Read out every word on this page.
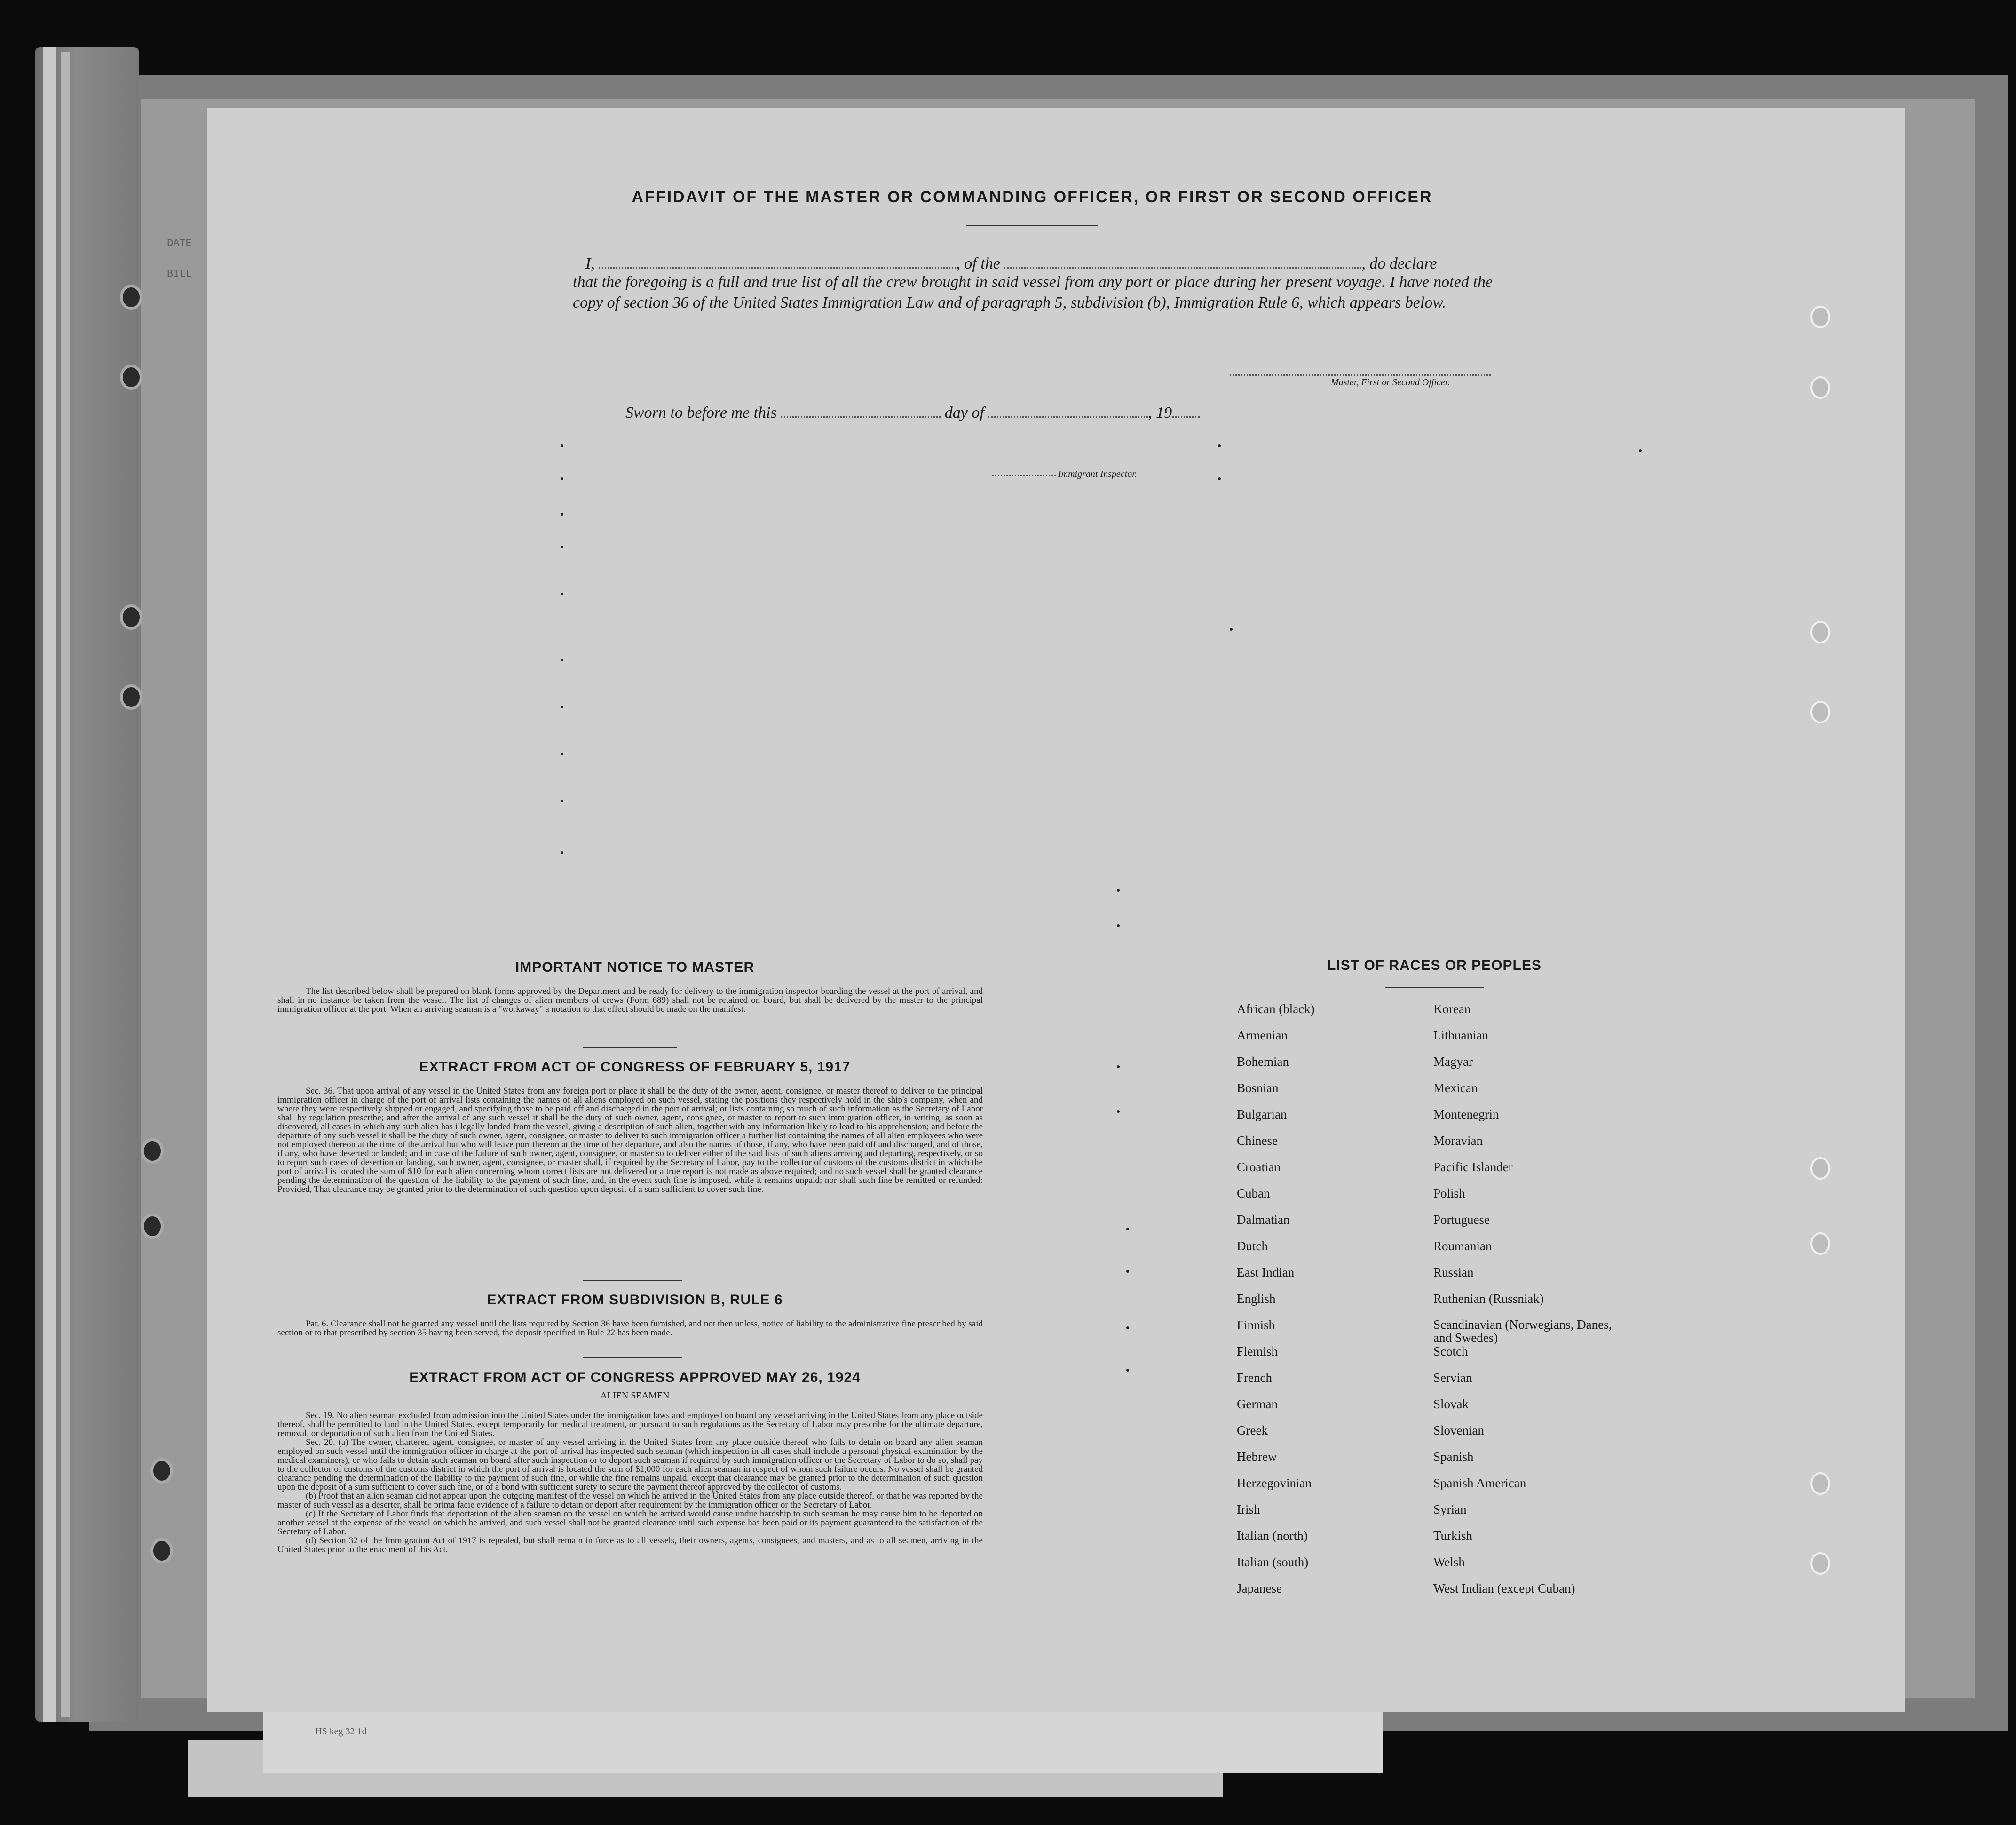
DATE
BILL
HS keg 32 1d
AFFIDAVIT OF THE MASTER OR COMMANDING OFFICER, OR FIRST OR SECOND OFFICER
I,	, of the	, do declare
that the foregoing is a full and true list of all the crew brought in said vessel from any port or place during her present voyage. I have noted the copy of section 36 of the United States Immigration Law and of paragraph 5, subdivision (b), Immigration Rule 6, which appears below.
Master, First or Second Officer.
Sworn to before me this	day of	, 19
Immigrant Inspector.
IMPORTANT NOTICE TO MASTER

The list described below shall be prepared on blank forms approved by the Department and be ready for delivery to the immigration inspector boarding the vessel at the port of arrival, and shall in no instance be taken from the vessel. The list of changes of alien members of crews (Form 689) shall not be retained on board, but shall be delivered by the master to the principal immigration officer at the port. When an arriving seaman is a "workaway" a notation to that effect should be made on the manifest.

EXTRACT FROM ACT OF CONGRESS OF FEBRUARY 5, 1917

Sec. 36. That upon arrival of any vessel in the United States from any foreign port or place it shall be the duty of the owner, agent, consignee, or master thereof to deliver to the principal immigration officer in charge of the port of arrival lists containing the names of all aliens employed on such vessel, stating the positions they respectively hold in the ship's company, when and where they were respectively shipped or engaged, and specifying those to be paid off and discharged in the port of arrival; or lists containing so much of such information as the Secretary of Labor shall by regulation prescribe; and after the arrival of any such vessel it shall be the duty of such owner, agent, consignee, or master to report to such immigration officer, in writing, as soon as discovered, all cases in which any such alien has illegally landed from the vessel, giving a description of such alien, together with any information likely to lead to his apprehension; and before the departure of any such vessel it shall be the duty of such owner, agent, consignee, or master to deliver to such immigration officer a further list containing the names of all alien employees who were not employed thereon at the time of the arrival but who will leave port thereon at the time of her departure, and also the names of those, if any, who have been paid off and discharged, and of those, if any, who have deserted or landed; and in case of the failure of such owner, agent, consignee, or master so to deliver either of the said lists of such aliens arriving and departing, respectively, or so to report such cases of desertion or landing, such owner, agent, consignee, or master shall, if required by the Secretary of Labor, pay to the collector of customs of the customs district in which the port of arrival is located the sum of $10 for each alien concerning whom correct lists are not delivered or a true report is not made as above required; and no such vessel shall be granted clearance pending the determination of the question of the liability to the payment of such fine, and, in the event such fine is imposed, while it remains unpaid; nor shall such fine be remitted or refunded: Provided, That clearance may be granted prior to the determination of such question upon deposit of a sum sufficient to cover such fine.

EXTRACT FROM SUBDIVISION B, RULE 6

Par. 6. Clearance shall not be granted any vessel until the lists required by Section 36 have been furnished, and not then unless, notice of liability to the administrative fine prescribed by said section or to that prescribed by section 35 having been served, the deposit specified in Rule 22 has been made.

EXTRACT FROM ACT OF CONGRESS APPROVED MAY 26, 1924
ALIEN SEAMEN

Sec. 19. No alien seaman excluded from admission into the United States under the immigration laws and employed on board any vessel arriving in the United States from any place outside thereof, shall be permitted to land in the United States, except temporarily for medical treatment, or pursuant to such regulations as the Secretary of Labor may prescribe for the ultimate departure, removal, or deportation of such alien from the United States.

Sec. 20. (a) The owner, charterer, agent, consignee, or master of any vessel arriving in the United States from any place outside thereof who fails to detain on board any alien seaman employed on such vessel until the immigration officer in charge at the port of arrival has inspected such seaman (which inspection in all cases shall include a personal physical examination by the medical examiners), or who fails to detain such seaman on board after such inspection or to deport such seaman if required by such immigration officer or the Secretary of Labor to do so, shall pay to the collector of customs of the customs district in which the port of arrival is located the sum of $1,000 for each alien seaman in respect of whom such failure occurs. No vessel shall be granted clearance pending the determination of the liability to the payment of such fine, or while the fine remains unpaid, except that clearance may be granted prior to the determination of such question upon the deposit of a sum sufficient to cover such fine, or of a bond with sufficient surety to secure the payment thereof approved by the collector of customs.

(b) Proof that an alien seaman did not appear upon the outgoing manifest of the vessel on which he arrived in the United States from any place outside thereof, or that he was reported by the master of such vessel as a deserter, shall be prima facie evidence of a failure to detain or deport after requirement by the immigration officer or the Secretary of Labor.

(c) If the Secretary of Labor finds that deportation of the alien seaman on the vessel on which he arrived would cause undue hardship to such seaman he may cause him to be deported on another vessel at the expense of the vessel on which he arrived, and such vessel shall not be granted clearance until such expense has been paid or its payment guaranteed to the satisfaction of the Secretary of Labor.

(d) Section 32 of the Immigration Act of 1917 is repealed, but shall remain in force as to all vessels, their owners, agents, consignees, and masters, and as to all seamen, arriving in the United States prior to the enactment of this Act.

LIST OF RACES OR PEOPLES
African (black)	Korean
Armenian	Lithuanian
Bohemian	Magyar
Bosnian	Mexican
Bulgarian	Montenegrin
Chinese	Moravian
Croatian	Pacific Islander
Cuban	Polish
Dalmatian	Portuguese
Dutch	Roumanian
East Indian	Russian
English	Ruthenian (Russniak)
Finnish	Scandinavian (Norwegians, Danes, and Swedes)
Flemish	Scotch
French	Servian
German	Slovak
Greek	Slovenian
Hebrew	Spanish
Herzegovinian	Spanish American
Irish	Syrian
Italian (north)	Turkish
Italian (south)	Welsh
Japanese	West Indian (except Cuban)
